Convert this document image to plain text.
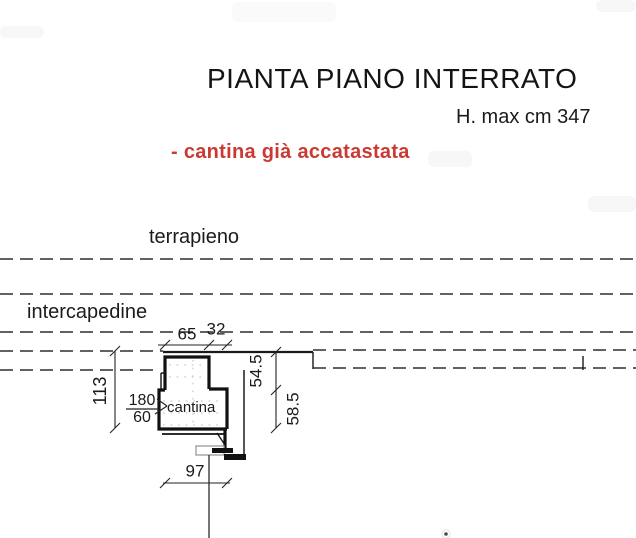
PIANTA PIANO INTERRATO
H. max cm 347
- cantina già accatastata
terrapieno
intercapedine
65 32
113
54.5
58.5
180
60
cantina
97
